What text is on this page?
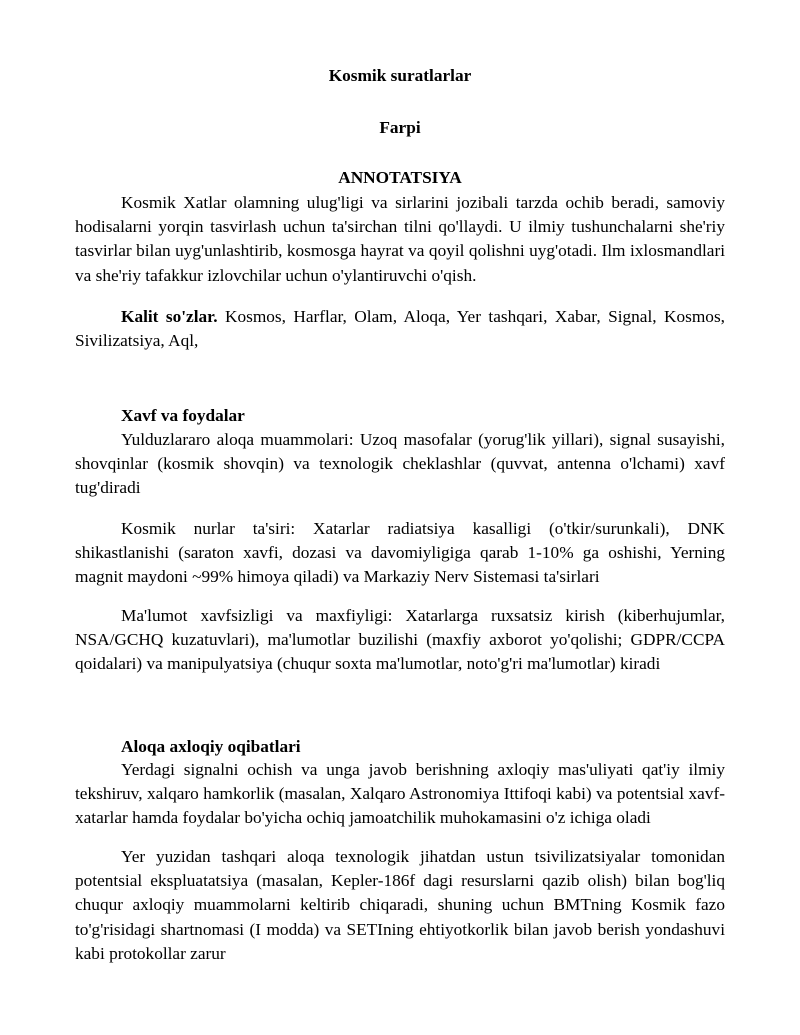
Kosmik suratlarlar
Farpi
ANNOTATSIYA
Kosmik Xatlar olamning ulug'ligi va sirlarini jozibali tarzda ochib beradi, samoviy hodisalarni yorqin tasvirlash uchun ta'sirchan tilni qo'llaydi. U ilmiy tushunchalarni she'riy tasvirlar bilan uyg'unlashtirib, kosmosga hayrat va qoyil qolishni uyg'otadi. Ilm ixlosmandlari va she'riy tafakkur izlovchilar uchun o'ylantiruvchi o'qish.
Kalit so'zlar. Kosmos, Harflar, Olam, Aloqa, Yer tashqari, Xabar, Signal, Kosmos, Sivilizatsiya, Aql,
Xavf va foydalar
Yulduzlararo aloqa muammolari: Uzoq masofalar (yorug'lik yillari), signal susayishi, shovqinlar (kosmik shovqin) va texnologik cheklashlar (quvvat, antenna o'lchami) xavf tug'diradi
Kosmik nurlar ta'siri: Xatarlar radiatsiya kasalligi (o'tkir/surunkali), DNK shikastlanishi (saraton xavfi, dozasi va davomiyligiga qarab 1-10% ga oshishi, Yerning magnit maydoni ~99% himoya qiladi) va Markaziy Nerv Sistemasi ta'sirlari
Ma'lumot xavfsizligi va maxfiyligi: Xatarlarga ruxsatsiz kirish (kiberhujumlar, NSA/GCHQ kuzatuvlari), ma'lumotlar buzilishi (maxfiy axborot yo'qolishi; GDPR/CCPA qoidalari) va manipulyatsiya (chuqur soxta ma'lumotlar, noto'g'ri ma'lumotlar) kiradi
Aloqa axloqiy oqibatlari
Yerdagi signalni ochish va unga javob berishning axloqiy mas'uliyati qat'iy ilmiy tekshiruv, xalqaro hamkorlik (masalan, Xalqaro Astronomiya Ittifoqi kabi) va potentsial xavf-xatarlar hamda foydalar bo'yicha ochiq jamoatchilik muhokamasini o'z ichiga oladi
Yer yuzidan tashqari aloqa texnologik jihatdan ustun tsivilizatsiyalar tomonidan potentsial ekspluatatsiya (masalan, Kepler-186f dagi resurslarni qazib olish) bilan bog'liq chuqur axloqiy muammolarni keltirib chiqaradi, shuning uchun BMTning Kosmik fazo to'g'risidagi shartnomasi (I modda) va SETIning ehtiyotkorlik bilan javob berish yondashuvi kabi protokollar zarur
